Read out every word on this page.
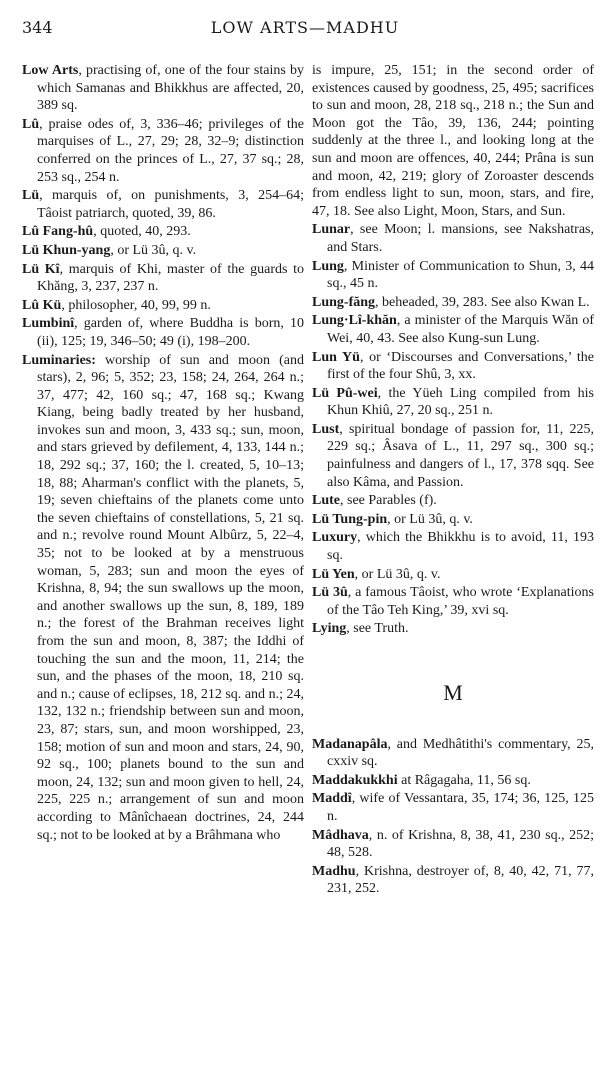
344	LOW ARTS—MADHU

Low Arts, practising of, one of the four stains by which Samanas and Bhikkhus are affected, 20, 389 sq.

Lû, praise odes of, 3, 336–46; privileges of the marquises of L., 27, 29; 28, 32–9; distinction conferred on the princes of L., 27, 37 sq.; 28, 253 sq., 254 n.

Lü, marquis of, on punishments, 3, 254–64; Tâoist patriarch, quoted, 39, 86.

Lû Fang-hû, quoted, 40, 293.

Lü Khun-yang, or Lü 3û, q. v.

Lü Kî, marquis of Khi, master of the guards to Khăng, 3, 237, 237 n.

Lû Kü, philosopher, 40, 99, 99 n.

Lumbinî, garden of, where Buddha is born, 10 (ii), 125; 19, 346–50; 49 (i), 198–200.

Luminaries: worship of sun and moon (and stars), 2, 96; 5, 352; 23, 158; 24, 264, 264 n.; 37, 477; 42, 160 sq.; 47, 168 sq.; Kwang Kiang, being badly treated by her husband, invokes sun and moon, 3, 433 sq.; sun, moon, and stars grieved by defilement, 4, 133, 144 n.; 18, 292 sq.; 37, 160; the l. created, 5, 10–13; 18, 88; Aharman's conflict with the planets, 5, 19; seven chieftains of the planets come unto the seven chieftains of constellations, 5, 21 sq. and n.; revolve round Mount Albûrz, 5, 22–4, 35; not to be looked at by a menstruous woman, 5, 283; sun and moon the eyes of Krishna, 8, 94; the sun swallows up the moon, and another swallows up the sun, 8, 189, 189 n.; the forest of the Brahman receives light from the sun and moon, 8, 387; the Iddhi of touching the sun and the moon, 11, 214; the sun, and the phases of the moon, 18, 210 sq. and n.; cause of eclipses, 18, 212 sq. and n.; 24, 132, 132 n.; friendship between sun and moon, 23, 87; stars, sun, and moon worshipped, 23, 158; motion of sun and moon and stars, 24, 90, 92 sq., 100; planets bound to the sun and moon, 24, 132; sun and moon given to hell, 24, 225, 225 n.; arrangement of sun and moon according to Mânîchaean doctrines, 24, 244 sq.; not to be looked at by a Brâhmana who

is impure, 25, 151; in the second order of existences caused by goodness, 25, 495; sacrifices to sun and moon, 28, 218 sq., 218 n.; the Sun and Moon got the Tâo, 39, 136, 244; pointing suddenly at the three l., and looking long at the sun and moon are offences, 40, 244; Prâna is sun and moon, 42, 219; glory of Zoroaster descends from endless light to sun, moon, stars, and fire, 47, 18. See also Light, Moon, Stars, and Sun.

Lunar, see Moon; l. mansions, see Nakshatras, and Stars.

Lung, Minister of Communication to Shun, 3, 44 sq., 45 n.

Lung-făng, beheaded, 39, 283. See also Kwan L.

Lung·Lî-khăn, a minister of the Marquis Wăn of Wei, 40, 43. See also Kung-sun Lung.

Lun Yü, or ‘Discourses and Conversations,’ the first of the four Shû, 3, xx.

Lü Pû-wei, the Yüeh Ling compiled from his Khun Khiû, 27, 20 sq., 251 n.

Lust, spiritual bondage of passion for, 11, 225, 229 sq.; Âsava of L., 11, 297 sq., 300 sq.; painfulness and dangers of l., 17, 378 sqq. See also Kâma, and Passion.

Lute, see Parables (f).

Lü Tung-pin, or Lü 3û, q. v.

Luxury, which the Bhikkhu is to avoid, 11, 193 sq.

Lü Yen, or Lü 3û, q. v.

Lü 3û, a famous Tâoist, who wrote ‘Explanations of the Tâo Teh King,’ 39, xvi sq.

Lying, see Truth.

M

Madanapâla, and Medhâtithi's commentary, 25, cxxiv sq.

Maddakukkhi at Râgagaha, 11, 56 sq.

Maddî, wife of Vessantara, 35, 174; 36, 125, 125 n.

Mâdhava, n. of Krishna, 8, 38, 41, 230 sq., 252; 48, 528.

Madhu, Krishna, destroyer of, 8, 40, 42, 71, 77, 231, 252.
